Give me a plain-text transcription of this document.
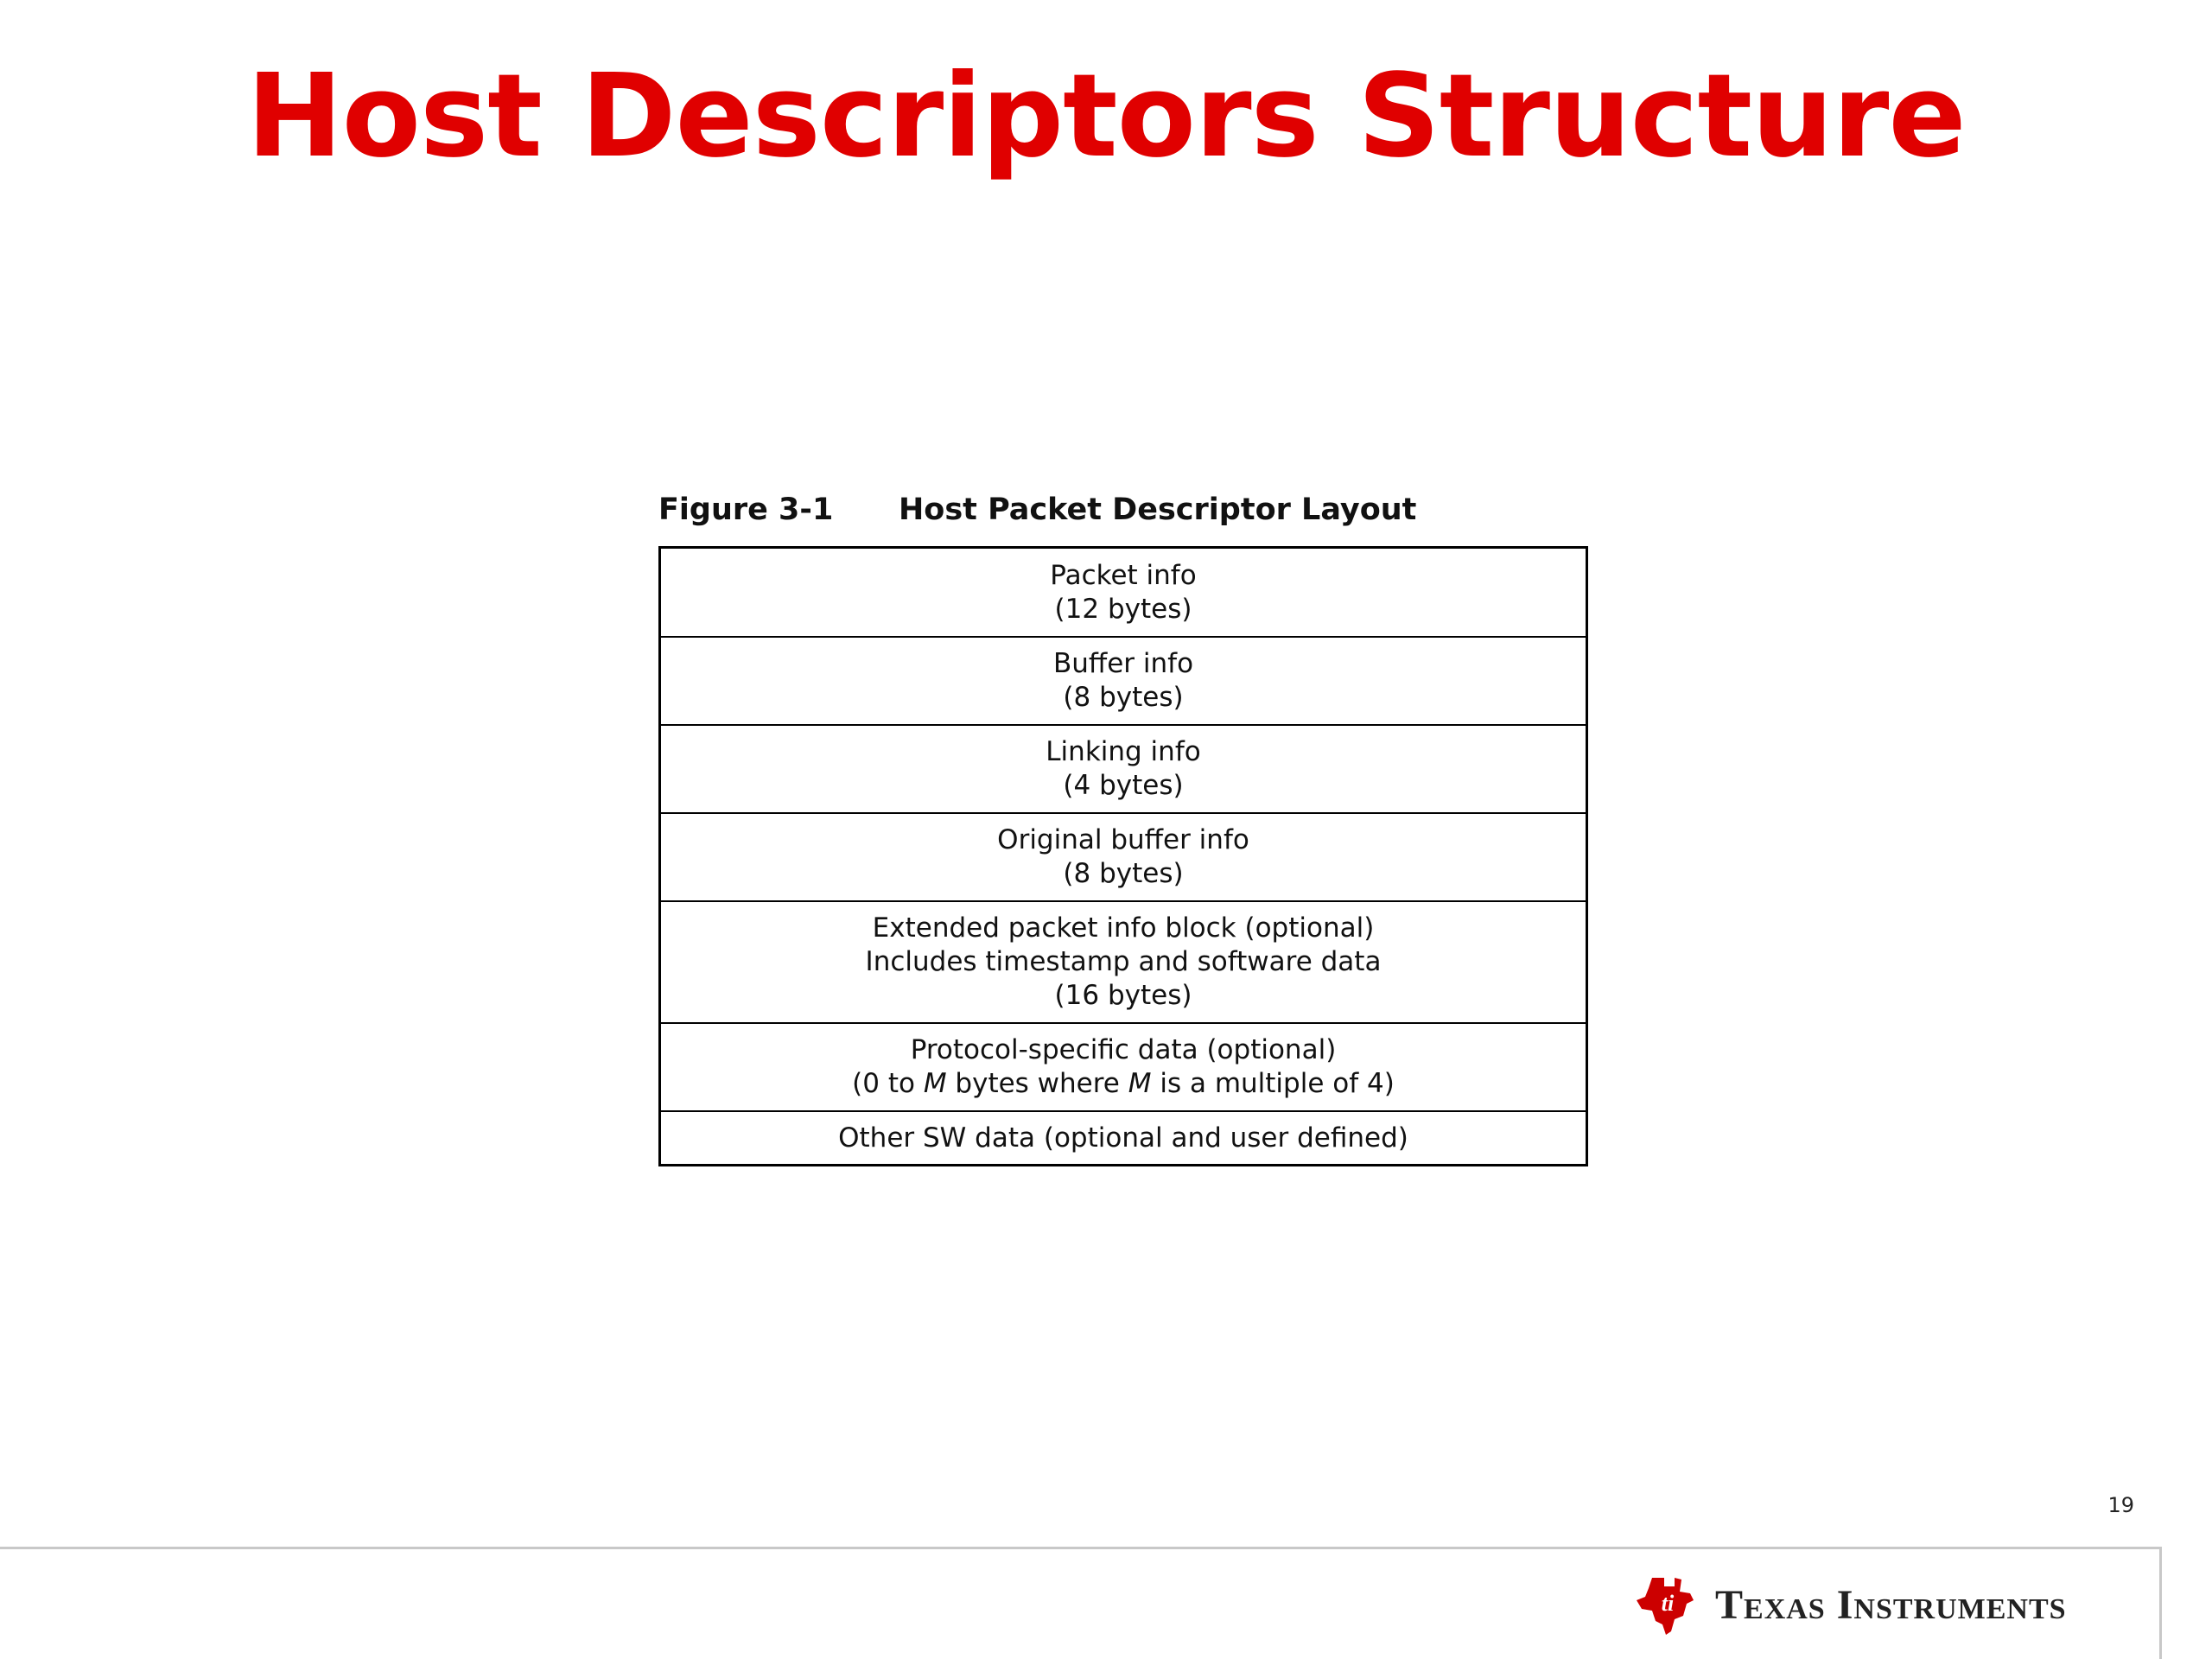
Host Descriptors Structure
Figure 3-1 Host Packet Descriptor Layout
Packet info
(12 bytes)
Buffer info
(8 bytes)
Linking info
(4 bytes)
Original buffer info
(8 bytes)
Extended packet info block (optional)
Includes timestamp and software data
(16 bytes)
Protocol-specific data (optional)
(0 to M bytes where M is a multiple of 4)
Other SW data (optional and user defined)
19
ti Texas Instruments
